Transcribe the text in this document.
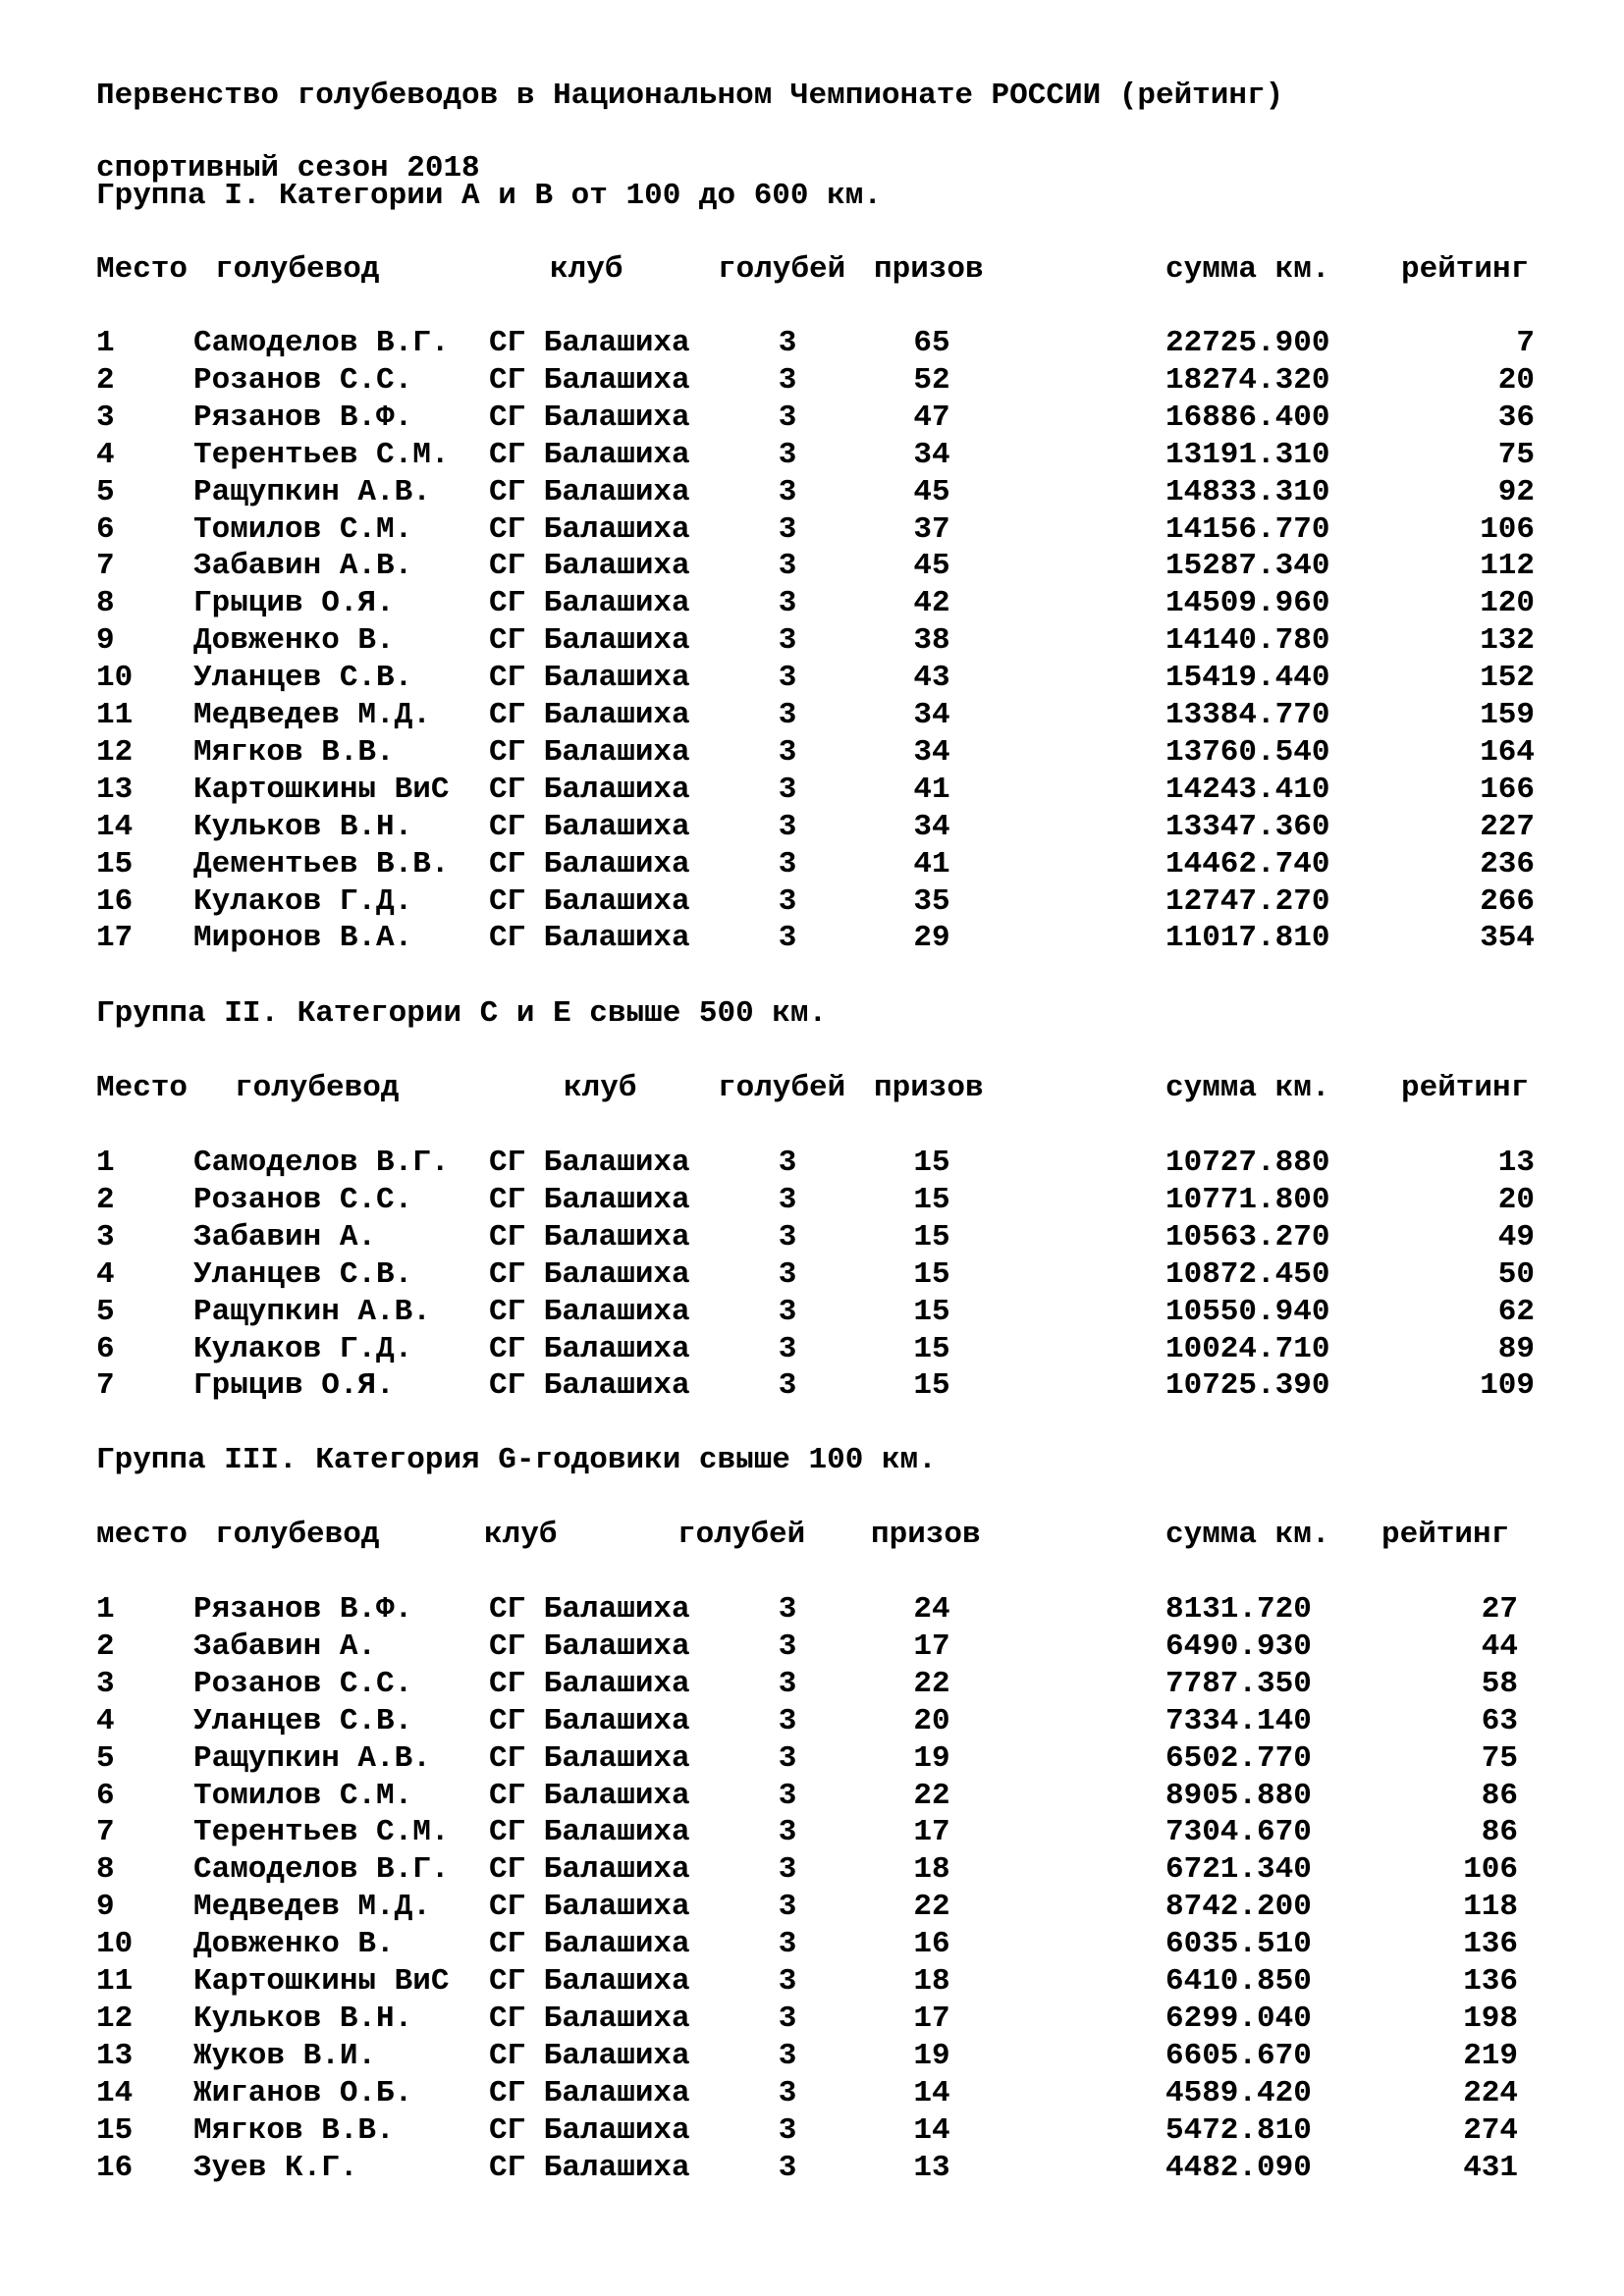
Первенство голубеводов в Национальном Чемпионате РОССИИ (рейтинг)
спортивный сезон 2018
Группа I. Категории A и B от 100 до 600 км.
Место голубевод	клуб	голубей призов	сумма км. рейтинг
1	Самоделов В.Г. СГ Балашиха	3	65	22725.900	7
2	Розанов С.С.	СГ Балашиха	3	52	18274.320	20
3	Рязанов В.Ф.	СГ Балашиха	3	47	16886.400	36
4	Терентьев С.М. СГ Балашиха	3	34	13191.310	75
5	Ращупкин А.В. СГ Балашиха	3	45	14833.310	92
6	Томилов С.М.	СГ Балашиха	3	37	14156.770	106
7	Забавин А.В.	СГ Балашиха	3	45	15287.340	112
8	Грыцив О.Я.	СГ Балашиха	3	42	14509.960	120
9	Довженко В.	СГ Балашиха	3	38	14140.780	132
10 Уланцев С.В.	СГ Балашиха	3	43	15419.440	152
11 Медведев М.Д. СГ Балашиха	3	34	13384.770	159
12 Мягков В.В.	СГ Балашиха	3	34	13760.540	164
13 Картошкины ВиС СГ Балашиха	3	41	14243.410	166
14 Кульков В.Н.	СГ Балашиха	3	34	13347.360	227
15 Дементьев В.В. СГ Балашиха	3	41	14462.740	236
16 Кулаков Г.Д.	СГ Балашиха	3	35	12747.270	266
17 Миронов В.А.	СГ Балашиха	3	29	11017.810	354
Группа II. Категории C и E свыше 500 км.
Место голубевод	клуб	голубей призов	сумма км. рейтинг
1	Самоделов В.Г. СГ Балашиха	3	15	10727.880	13
2	Розанов С.С.	СГ Балашиха	3	15	10771.800	20
3	Забавин А.	СГ Балашиха	3	15	10563.270	49
4	Уланцев С.В.	СГ Балашиха	3	15	10872.450	50
5	Ращупкин А.В. СГ Балашиха	3	15	10550.940	62
6	Кулаков Г.Д.	СГ Балашиха	3	15	10024.710	89
7	Грыцив О.Я.	СГ Балашиха	3	15	10725.390	109
Группа III. Категория G-годовики свыше 100 км.
место голубевод	клуб	голубей призов	сумма км. рейтинг
1	Рязанов В.Ф.	СГ Балашиха	3	24	8131.720	27
2	Забавин А.	СГ Балашиха	3	17	6490.930	44
3	Розанов С.С.	СГ Балашиха	3	22	7787.350	58
4	Уланцев С.В.	СГ Балашиха	3	20	7334.140	63
5	Ращупкин А.В. СГ Балашиха	3	19	6502.770	75
6	Томилов С.М.	СГ Балашиха	3	22	8905.880	86
7	Терентьев С.М. СГ Балашиха	3	17	7304.670	86
8	Самоделов В.Г. СГ Балашиха	3	18	6721.340	106
9	Медведев М.Д. СГ Балашиха	3	22	8742.200	118
10 Довженко В.	СГ Балашиха	3	16	6035.510	136
11 Картошкины ВиС СГ Балашиха	3	18	6410.850	136
12 Кульков В.Н.	СГ Балашиха	3	17	6299.040	198
13 Жуков В.И.	СГ Балашиха	3	19	6605.670	219
14 Жиганов О.Б.	СГ Балашиха	3	14	4589.420	224
15 Мягков В.В.	СГ Балашиха	3	14	5472.810	274
16 Зуев К.Г.	СГ Балашиха	3	13	4482.090	431
